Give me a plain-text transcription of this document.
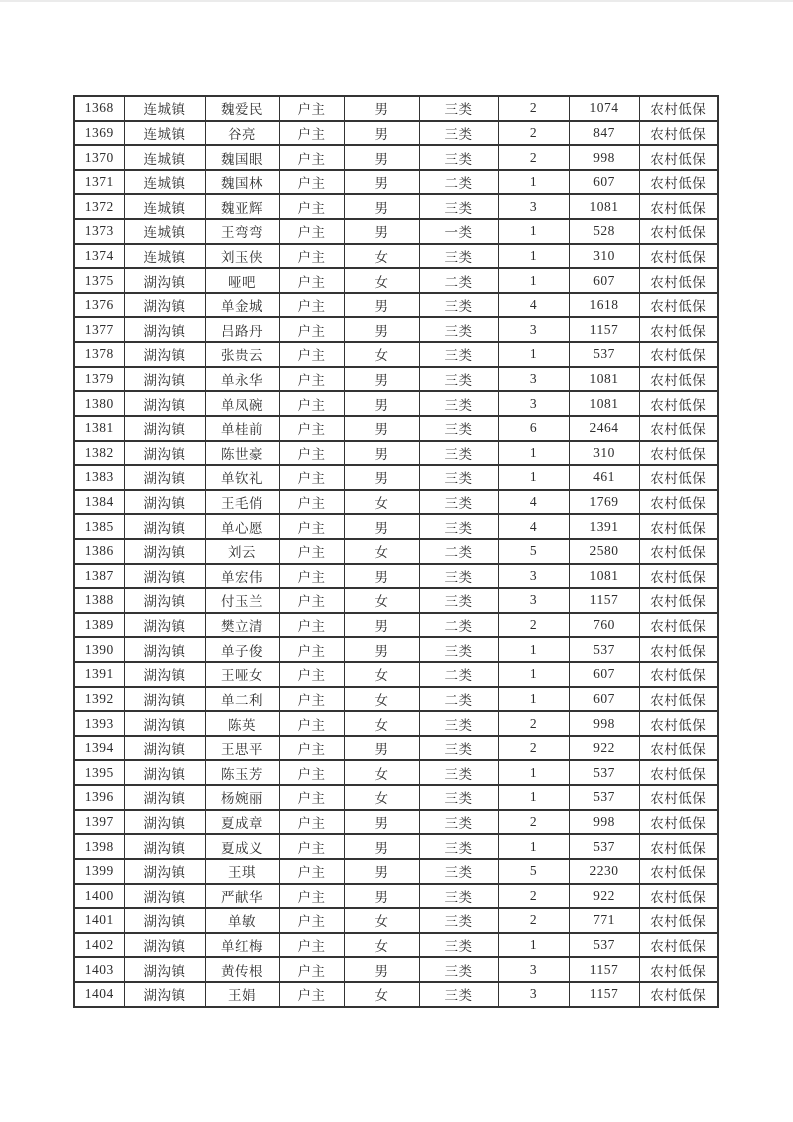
1368	连城镇	魏爱民	户主	男	三类	2	1074	农村低保
1369	连城镇	谷亮	户主	男	三类	2	847	农村低保
1370	连城镇	魏国眼	户主	男	三类	2	998	农村低保
1371	连城镇	魏国林	户主	男	二类	1	607	农村低保
1372	连城镇	魏亚辉	户主	男	三类	3	1081	农村低保
1373	连城镇	王弯弯	户主	男	一类	1	528	农村低保
1374	连城镇	刘玉侠	户主	女	三类	1	310	农村低保
1375	湖沟镇	哑吧	户主	女	二类	1	607	农村低保
1376	湖沟镇	单金城	户主	男	三类	4	1618	农村低保
1377	湖沟镇	吕路丹	户主	男	三类	3	1157	农村低保
1378	湖沟镇	张贵云	户主	女	三类	1	537	农村低保
1379	湖沟镇	单永华	户主	男	三类	3	1081	农村低保
1380	湖沟镇	单凤碗	户主	男	三类	3	1081	农村低保
1381	湖沟镇	单桂前	户主	男	三类	6	2464	农村低保
1382	湖沟镇	陈世豪	户主	男	三类	1	310	农村低保
1383	湖沟镇	单钦礼	户主	男	三类	1	461	农村低保
1384	湖沟镇	王毛俏	户主	女	三类	4	1769	农村低保
1385	湖沟镇	单心愿	户主	男	三类	4	1391	农村低保
1386	湖沟镇	刘云	户主	女	二类	5	2580	农村低保
1387	湖沟镇	单宏伟	户主	男	三类	3	1081	农村低保
1388	湖沟镇	付玉兰	户主	女	三类	3	1157	农村低保
1389	湖沟镇	樊立清	户主	男	二类	2	760	农村低保
1390	湖沟镇	单子俊	户主	男	三类	1	537	农村低保
1391	湖沟镇	王哑女	户主	女	二类	1	607	农村低保
1392	湖沟镇	单二利	户主	女	二类	1	607	农村低保
1393	湖沟镇	陈英	户主	女	三类	2	998	农村低保
1394	湖沟镇	王思平	户主	男	三类	2	922	农村低保
1395	湖沟镇	陈玉芳	户主	女	三类	1	537	农村低保
1396	湖沟镇	杨婉丽	户主	女	三类	1	537	农村低保
1397	湖沟镇	夏成章	户主	男	三类	2	998	农村低保
1398	湖沟镇	夏成义	户主	男	三类	1	537	农村低保
1399	湖沟镇	王琪	户主	男	三类	5	2230	农村低保
1400	湖沟镇	严献华	户主	男	三类	2	922	农村低保
1401	湖沟镇	单敏	户主	女	三类	2	771	农村低保
1402	湖沟镇	单红梅	户主	女	三类	1	537	农村低保
1403	湖沟镇	黄传根	户主	男	三类	3	1157	农村低保
1404	湖沟镇	王娟	户主	女	三类	3	1157	农村低保
